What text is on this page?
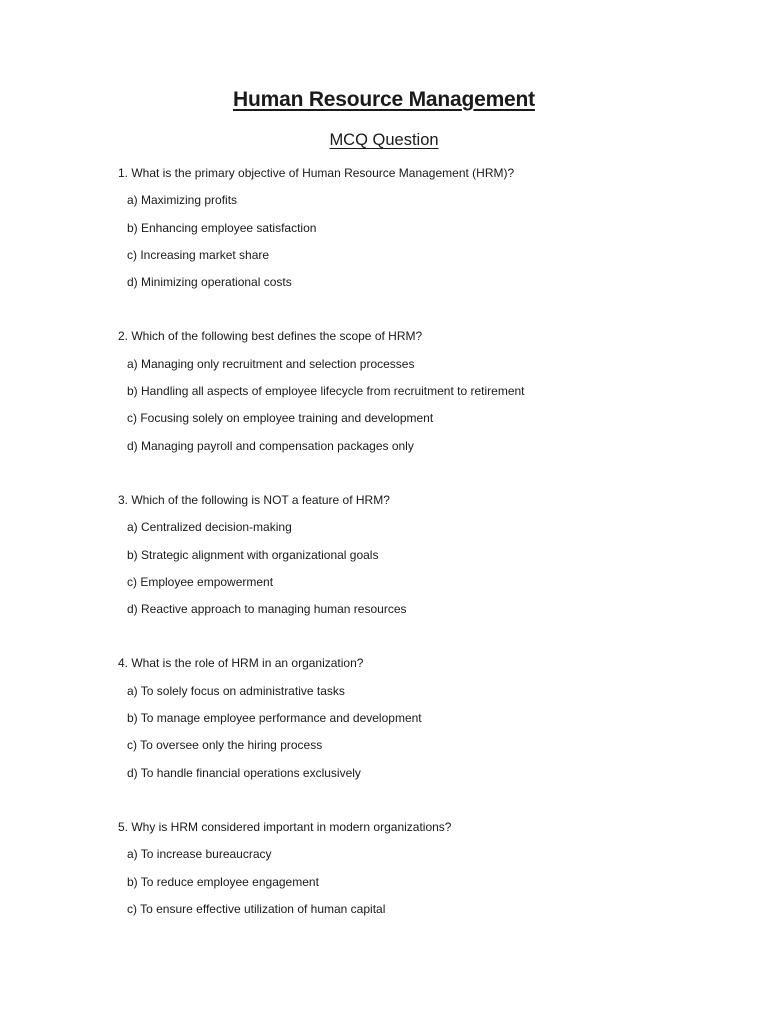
Human Resource Management
MCQ Question
1. What is the primary objective of Human Resource Management (HRM)?
a) Maximizing profits
b) Enhancing employee satisfaction
c) Increasing market share
d) Minimizing operational costs
2. Which of the following best defines the scope of HRM?
a) Managing only recruitment and selection processes
b) Handling all aspects of employee lifecycle from recruitment to retirement
c) Focusing solely on employee training and development
d) Managing payroll and compensation packages only
3. Which of the following is NOT a feature of HRM?
a) Centralized decision-making
b) Strategic alignment with organizational goals
c) Employee empowerment
d) Reactive approach to managing human resources
4. What is the role of HRM in an organization?
a) To solely focus on administrative tasks
b) To manage employee performance and development
c) To oversee only the hiring process
d) To handle financial operations exclusively
5. Why is HRM considered important in modern organizations?
a) To increase bureaucracy
b) To reduce employee engagement
c) To ensure effective utilization of human capital
